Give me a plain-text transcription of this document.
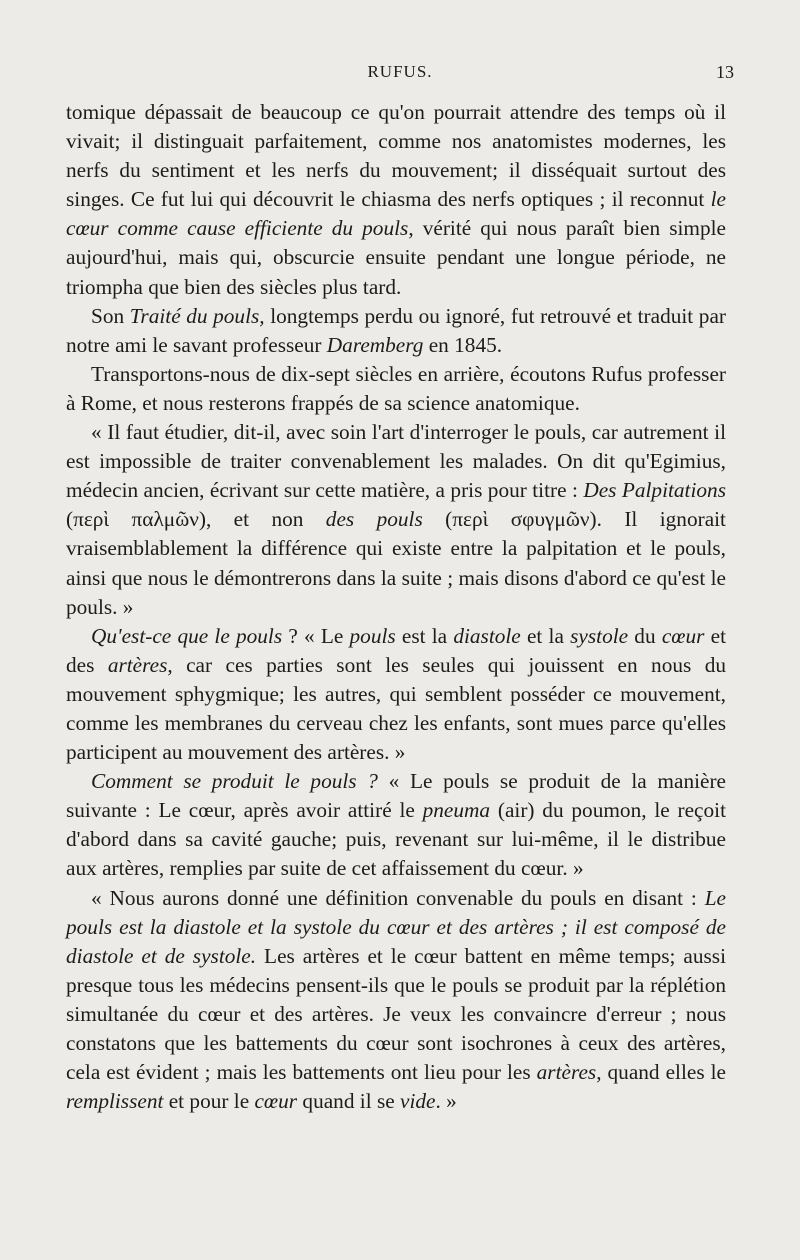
RUFUS.	13

tomique dépassait de beaucoup ce qu'on pourrait attendre des temps où il vivait; il distinguait parfaitement, comme nos anatomistes modernes, les nerfs du sentiment et les nerfs du mouvement; il disséquait surtout des singes. Ce fut lui qui découvrit le chiasma des nerfs optiques ; il reconnut le cœur comme cause efficiente du pouls, vérité qui nous paraît bien simple aujourd'hui, mais qui, obscurcie ensuite pendant une longue période, ne triompha que bien des siècles plus tard.

Son Traité du pouls, longtemps perdu ou ignoré, fut retrouvé et traduit par notre ami le savant professeur Daremberg en 1845.

Transportons-nous de dix-sept siècles en arrière, écoutons Rufus professer à Rome, et nous resterons frappés de sa science anatomique.

« Il faut étudier, dit-il, avec soin l'art d'interroger le pouls, car autrement il est impossible de traiter convenablement les malades. On dit qu'Egimius, médecin ancien, écrivant sur cette matière, a pris pour titre : Des Palpitations (περὶ παλμῶν), et non des pouls (περὶ σφυγμῶν). Il ignorait vraisemblablement la différence qui existe entre la palpitation et le pouls, ainsi que nous le démontrerons dans la suite ; mais disons d'abord ce qu'est le pouls. »

Qu'est-ce que le pouls ? « Le pouls est la diastole et la systole du cœur et des artères, car ces parties sont les seules qui jouissent en nous du mouvement sphygmique; les autres, qui semblent posséder ce mouvement, comme les membranes du cerveau chez les enfants, sont mues parce qu'elles participent au mouvement des artères. »

Comment se produit le pouls ? « Le pouls se produit de la manière suivante : Le cœur, après avoir attiré le pneuma (air) du poumon, le reçoit d'abord dans sa cavité gauche; puis, revenant sur lui-même, il le distribue aux artères, remplies par suite de cet affaissement du cœur. »

« Nous aurons donné une définition convenable du pouls en disant : Le pouls est la diastole et la systole du cœur et des artères ; il est composé de diastole et de systole. Les artères et le cœur battent en même temps; aussi presque tous les médecins pensent-ils que le pouls se produit par la réplétion simultanée du cœur et des artères. Je veux les convaincre d'erreur ; nous constatons que les battements du cœur sont isochrones à ceux des artères, cela est évident ; mais les battements ont lieu pour les artères, quand elles le remplissent et pour le cœur quand il se vide. »
